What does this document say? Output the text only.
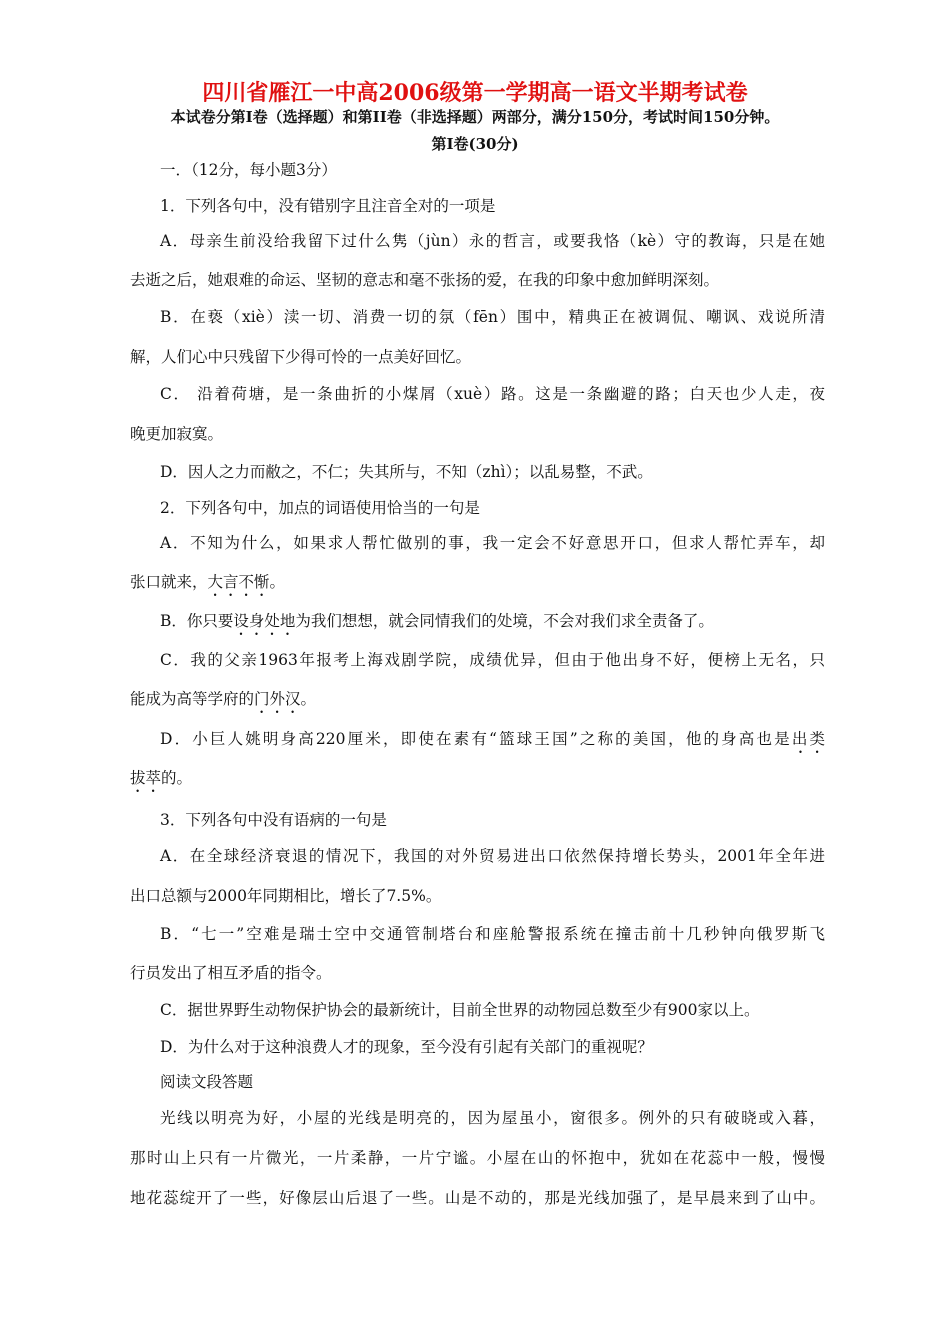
四川省雁江一中高2006级第一学期高一语文半期考试卷
本试卷分第Ⅰ卷（选择题）和第II卷（非选择题）两部分，满分150分，考试时间150分钟。
第Ⅰ卷(30分)
一．（12分，每小题3分）
1．下列各句中，没有错别字且注音全对的一项是
A．母亲生前没给我留下过什么隽（jùn）永的哲言，或要我恪（kè）守的教诲，只是在她
去逝之后，她艰难的命运、坚韧的意志和毫不张扬的爱，在我的印象中愈加鲜明深刻。
B．在亵（xiè）渎一切、消费一切的氛（fēn）围中，精典正在被调侃、嘲讽、戏说所清
解，人们心中只残留下少得可怜的一点美好回忆。
C． 沿着荷塘，是一条曲折的小煤屑（xuè）路。这是一条幽避的路；白天也少人走，夜
晚更加寂寞。
D．因人之力而敝之，不仁；失其所与，不知（zhì）；以乱易整，不武。
2．下列各句中，加点的词语使用恰当的一句是
A．不知为什么，如果求人帮忙做别的事，我一定会不好意思开口，但求人帮忙弄车，却
张口就来，大言不惭。
B．你只要设身处地为我们想想，就会同情我们的处境，不会对我们求全责备了。
C．我的父亲1963年报考上海戏剧学院，成绩优异，但由于他出身不好，便榜上无名，只
能成为高等学府的门外汉。
D．小巨人姚明身高220厘米，即使在素有“篮球王国”之称的美国，他的身高也是出类
拔萃的。
3．下列各句中没有语病的一句是
A．在全球经济衰退的情况下，我国的对外贸易进出口依然保持增长势头，2001年全年进
出口总额与2000年同期相比，增长了7.5%。
B．“七一”空难是瑞士空中交通管制塔台和座舱警报系统在撞击前十几秒钟向俄罗斯飞
行员发出了相互矛盾的指令。
C．据世界野生动物保护协会的最新统计，目前全世界的动物园总数至少有900家以上。
D．为什么对于这种浪费人才的现象，至今没有引起有关部门的重视呢？
阅读文段答题
光线以明亮为好，小屋的光线是明亮的，因为屋虽小，窗很多。例外的只有破晓或入暮，
那时山上只有一片微光，一片柔静，一片宁谧。小屋在山的怀抱中，犹如在花蕊中一般，慢慢
地花蕊绽开了一些，好像层山后退了一些。山是不动的，那是光线加强了，是早晨来到了山中。
